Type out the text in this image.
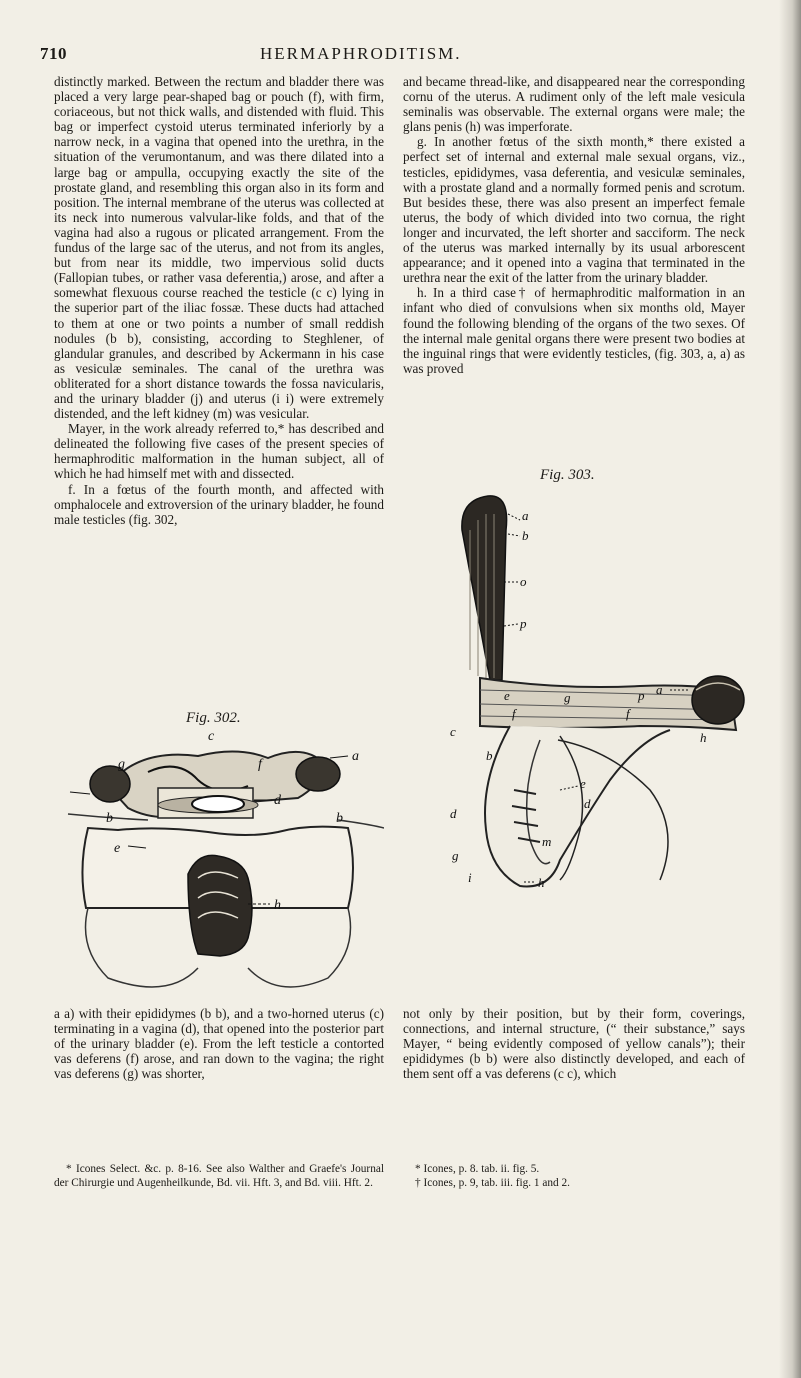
710	HERMAPHRODITISM.

distinctly marked. Between the rectum and bladder there was placed a very large pear-shaped bag or pouch (f), with firm, coriaceous, but not thick walls, and distended with fluid. This bag or imperfect cystoid uterus terminated inferiorly by a narrow neck, in a vagina that opened into the urethra, in the situation of the verumontanum, and was there dilated into a large bag or ampulla, occupying exactly the site of the prostate gland, and resembling this organ also in its form and position. The internal membrane of the uterus was collected at its neck into numerous valvular-like folds, and that of the vagina had also a rugous or plicated arrangement. From the fundus of the large sac of the uterus, and not from its angles, but from near its middle, two impervious solid ducts (Fallopian tubes, or rather vasa deferentia,) arose, and after a somewhat flexuous course reached the testicle (c c) lying in the superior part of the iliac fossæ. These ducts had attached to them at one or two points a number of small reddish nodules (b b), consisting, according to Steghlener, of glandular granules, and described by Ackermann in his case as vesiculæ seminales. The canal of the urethra was obliterated for a short distance towards the fossa navicularis, and the urinary bladder (j) and uterus (i i) were extremely distended, and the left kidney (m) was vesicular.

Mayer, in the work already referred to,* has described and delineated the following five cases of the present species of hermaphroditic malformation in the human subject, all of which he had himself met with and dissected.

f. In a fœtus of the fourth month, and affected with omphalocele and extroversion of the urinary bladder, he found male testicles (fig. 302,

Fig. 302.
c
a
g	f
d
b	b
e
h

a a) with their epididymes (b b), and a two-horned uterus (c) terminating in a vagina (d), that opened into the posterior part of the urinary bladder (e). From the left testicle a contorted vas deferens (f) arose, and ran down to the vagina; the right vas deferens (g) was shorter,

* Icones Select. &c. p. 8-16. See also Walther and Graefe's Journal der Chirurgie und Augenheilkunde, Bd. vii. Hft. 3, and Bd. viii. Hft. 2.

and became thread-like, and disappeared near the corresponding cornu of the uterus. A rudiment only of the left male vesicula seminalis was observable. The external organs were male; the glans penis (h) was imperforate.

g. In another fœtus of the sixth month,* there existed a perfect set of internal and external male sexual organs, viz., testicles, epididymes, vasa deferentia, and vesiculæ seminales, with a prostate gland and a normally formed penis and scrotum. But besides these, there was also present an imperfect female uterus, the body of which divided into two cornua, the right longer and incurvated, the left shorter and sacciform. The neck of the uterus was marked internally by its usual arborescent appearance; and it opened into a vagina that terminated in the urethra near the exit of the latter from the urinary bladder.

h. In a third case† of hermaphroditic malformation in an infant who died of convulsions when six months old, Mayer found the following blending of the organs of the two sexes. Of the internal male genital organs there were present two bodies at the inguinal rings that were evidently testicles, (fig. 303, a, a) as was proved

Fig. 303.
a
b
o
p
e	g	p a
c
f	f
h
b
e
d
d
m
g
i	h

not only by their position, but by their form, coverings, connections, and internal structure, (“ their substance,” says Mayer, “ being evidently composed of yellow canals”); their epididymes (b b) were also distinctly developed, and each of them sent off a vas deferens (c c), which

* Icones, p. 8. tab. ii. fig. 5.
† Icones, p. 9, tab. iii. fig. 1 and 2.
